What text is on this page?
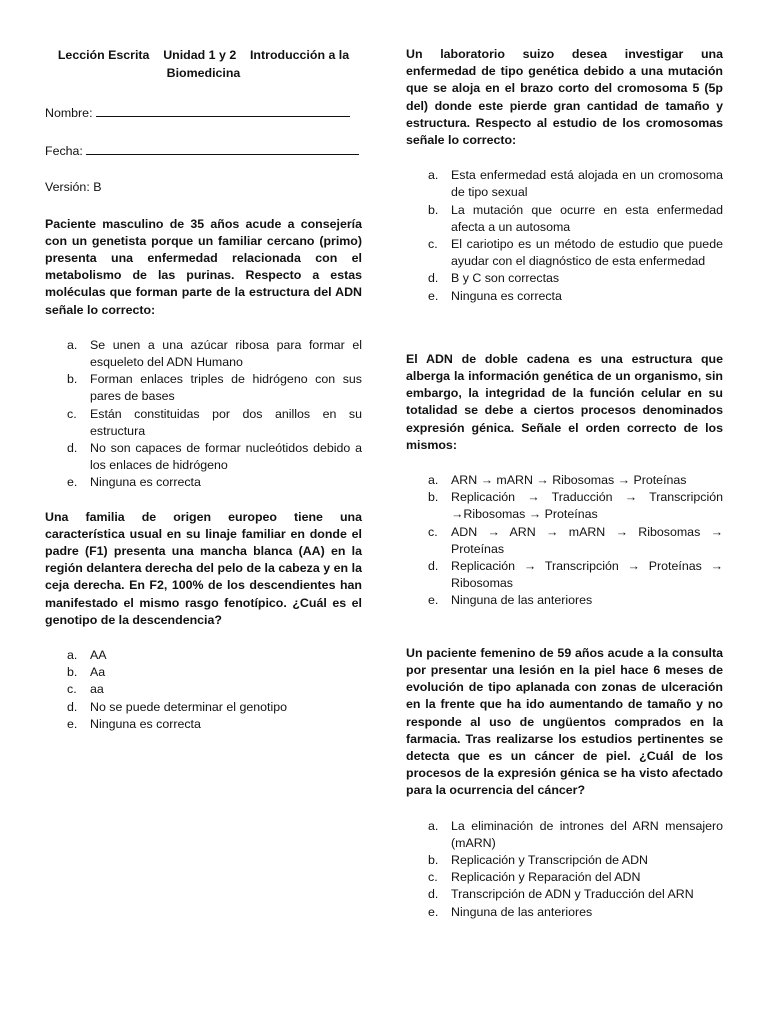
Lección Escrita    Unidad 1 y 2    Introducción a la
Biomedicina
Nombre:
Fecha:
Versión: B

Paciente masculino de 35 años acude a consejería con un genetista porque un familiar cercano (primo) presenta una enfermedad relacionada con el metabolismo de las purinas. Respecto a estas moléculas que forman parte de la estructura del ADN señale lo correcto:

a. Se unen a una azúcar ribosa para formar el esqueleto del ADN Humano
b. Forman enlaces triples de hidrógeno con sus pares de bases
c. Están constituidas por dos anillos en su estructura
d. No son capaces de formar nucleótidos debido a los enlaces de hidrógeno
e. Ninguna es correcta

Una familia de origen europeo tiene una característica usual en su linaje familiar en donde el padre (F1) presenta una mancha blanca (AA) en la región delantera derecha del pelo de la cabeza y en la ceja derecha. En F2, 100% de los descendientes han manifestado el mismo rasgo fenotípico. ¿Cuál es el genotipo de la descendencia?

a. AA
b. Aa
c. aa
d. No se puede determinar el genotipo
e. Ninguna es correcta

Un laboratorio suizo desea investigar una enfermedad de tipo genética debido a una mutación que se aloja en el brazo corto del cromosoma 5 (5p del) donde este pierde gran cantidad de tamaño y estructura. Respecto al estudio de los cromosomas señale lo correcto:

a. Esta enfermedad está alojada en un cromosoma de tipo sexual
b. La mutación que ocurre en esta enfermedad afecta a un autosoma
c. El cariotipo es un método de estudio que puede ayudar con el diagnóstico de esta enfermedad
d. B y C son correctas
e. Ninguna es correcta

El ADN de doble cadena es una estructura que alberga la información genética de un organismo, sin embargo, la integridad de la función celular en su totalidad se debe a ciertos procesos denominados expresión génica. Señale el orden correcto de los mismos:

a. ARN → mARN → Ribosomas → Proteínas
b. Replicación → Traducción → Transcripción →Ribosomas → Proteínas
c. ADN → ARN → mARN → Ribosomas → Proteínas
d. Replicación → Transcripción → Proteínas → Ribosomas
e. Ninguna de las anteriores

Un paciente femenino de 59 años acude a la consulta por presentar una lesión en la piel hace 6 meses de evolución de tipo aplanada con zonas de ulceración en la frente que ha ido aumentando de tamaño y no responde al uso de ungüentos comprados en la farmacia. Tras realizarse los estudios pertinentes se detecta que es un cáncer de piel. ¿Cuál de los procesos de la expresión génica se ha visto afectado para la ocurrencia del cáncer?

a. La eliminación de intrones del ARN mensajero (mARN)
b. Replicación y Transcripción de ADN
c. Replicación y Reparación del ADN
d. Transcripción de ADN y Traducción del ARN
e. Ninguna de las anteriores
